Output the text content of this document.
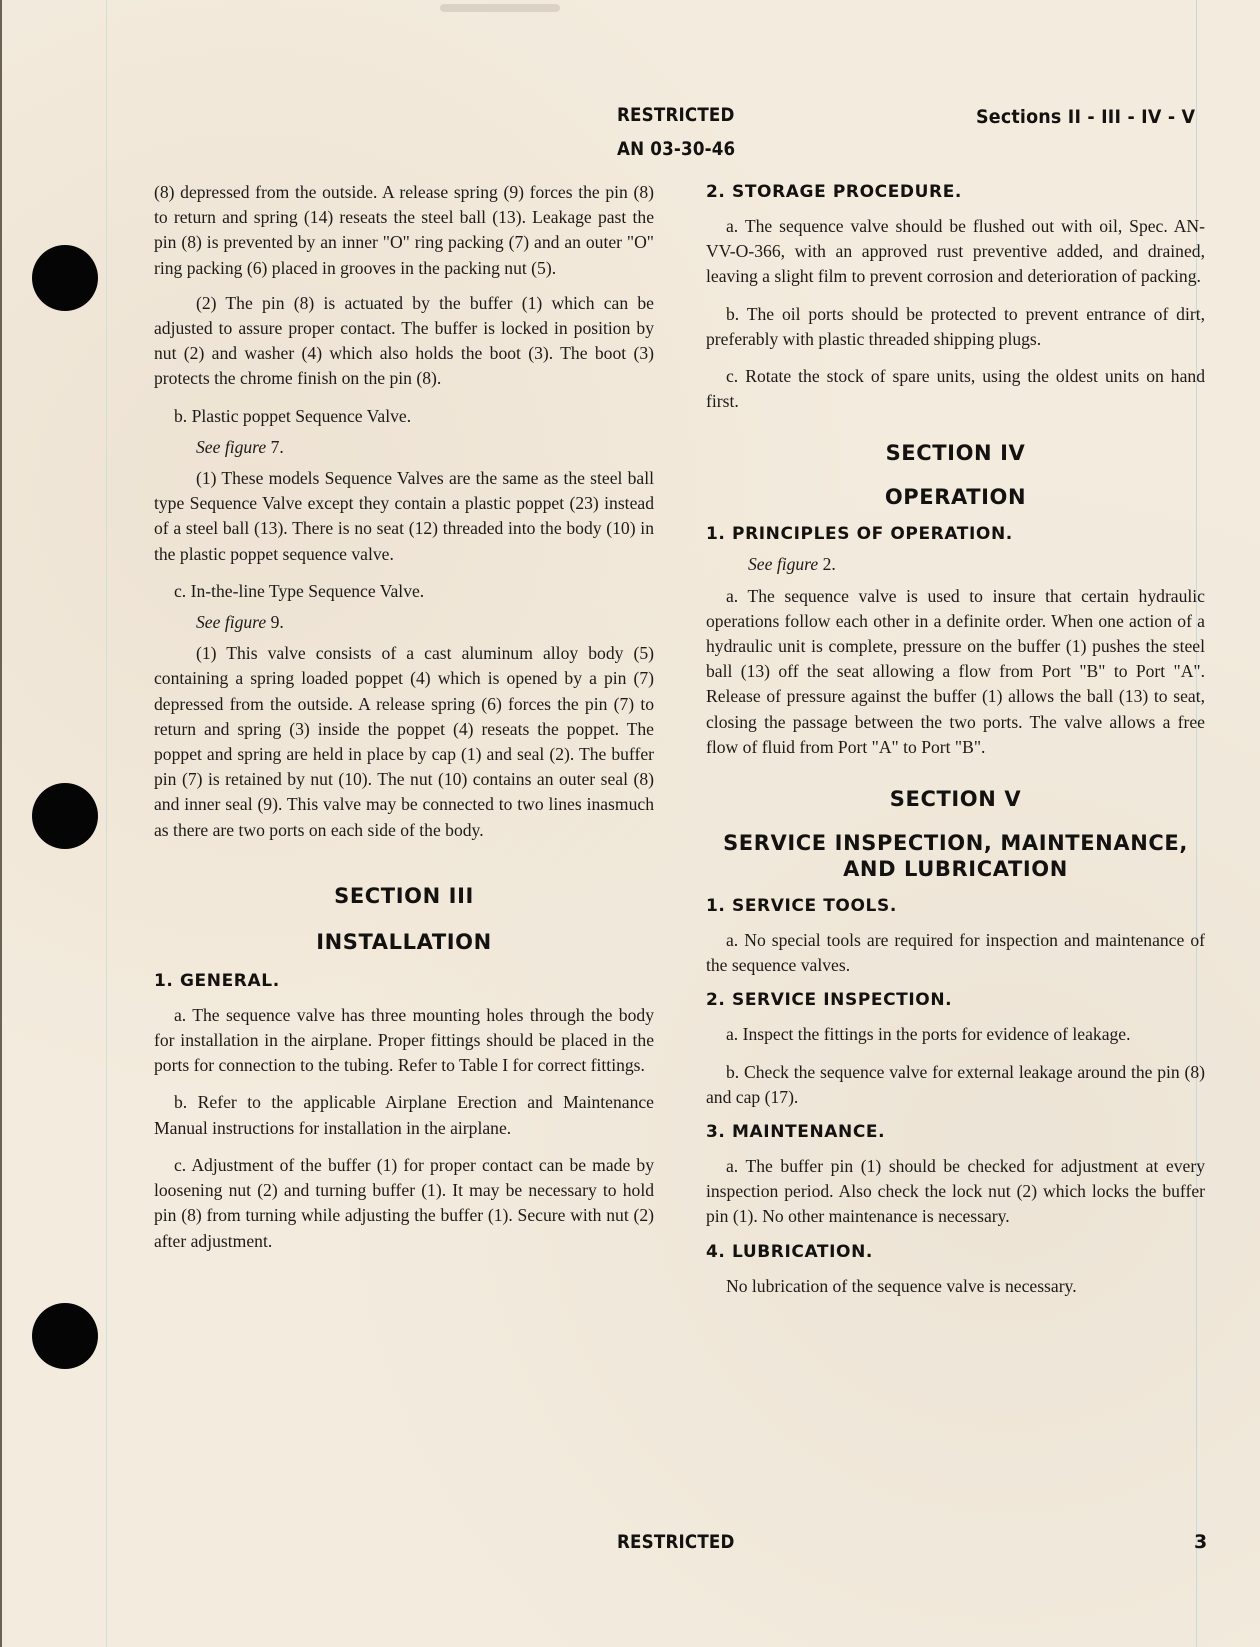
RESTRICTED
AN 03-30-46
Sections II - III - IV - V

(8) depressed from the outside. A release spring (9) forces the pin (8) to return and spring (14) reseats the steel ball (13). Leakage past the pin (8) is prevented by an inner "O" ring packing (7) and an outer "O" ring packing (6) placed in grooves in the packing nut (5).

(2) The pin (8) is actuated by the buffer (1) which can be adjusted to assure proper contact. The buffer is locked in position by nut (2) and washer (4) which also holds the boot (3). The boot (3) protects the chrome finish on the pin (8).

b. Plastic poppet Sequence Valve.

See figure 7.

(1) These models Sequence Valves are the same as the steel ball type Sequence Valve except they contain a plastic poppet (23) instead of a steel ball (13). There is no seat (12) threaded into the body (10) in the plastic poppet sequence valve.

c. In-the-line Type Sequence Valve.

See figure 9.

(1) This valve consists of a cast aluminum alloy body (5) containing a spring loaded poppet (4) which is opened by a pin (7) depressed from the outside. A release spring (6) forces the pin (7) to return and spring (3) inside the poppet (4) reseats the poppet. The poppet and spring are held in place by cap (1) and seal (2). The buffer pin (7) is retained by nut (10). The nut (10) contains an outer seal (8) and inner seal (9). This valve may be connected to two lines inasmuch as there are two ports on each side of the body.

SECTION III
INSTALLATION
1. GENERAL.

a. The sequence valve has three mounting holes through the body for installation in the airplane. Proper fittings should be placed in the ports for connection to the tubing. Refer to Table I for correct fittings.

b. Refer to the applicable Airplane Erection and Maintenance Manual instructions for installation in the airplane.

c. Adjustment of the buffer (1) for proper contact can be made by loosening nut (2) and turning buffer (1). It may be necessary to hold pin (8) from turning while adjusting the buffer (1). Secure with nut (2) after adjustment.

2. STORAGE PROCEDURE.

a. The sequence valve should be flushed out with oil, Spec. AN-VV-O-366, with an approved rust preventive added, and drained, leaving a slight film to prevent corrosion and deterioration of packing.

b. The oil ports should be protected to prevent entrance of dirt, preferably with plastic threaded shipping plugs.

c. Rotate the stock of spare units, using the oldest units on hand first.

SECTION IV
OPERATION
1. PRINCIPLES OF OPERATION.
See figure 2.

a. The sequence valve is used to insure that certain hydraulic operations follow each other in a definite order. When one action of a hydraulic unit is complete, pressure on the buffer (1) pushes the steel ball (13) off the seat allowing a flow from Port "B" to Port "A". Release of pressure against the buffer (1) allows the ball (13) to seat, closing the passage between the two ports. The valve allows a free flow of fluid from Port "A" to Port "B".

SECTION V
SERVICE INSPECTION, MAINTENANCE,
AND LUBRICATION
1. SERVICE TOOLS.

a. No special tools are required for inspection and maintenance of the sequence valves.

2. SERVICE INSPECTION.

a. Inspect the fittings in the ports for evidence of leakage.

b. Check the sequence valve for external leakage around the pin (8) and cap (17).

3. MAINTENANCE.

a. The buffer pin (1) should be checked for adjustment at every inspection period. Also check the lock nut (2) which locks the buffer pin (1). No other maintenance is necessary.

4. LUBRICATION.

No lubrication of the sequence valve is necessary.

RESTRICTED	3
